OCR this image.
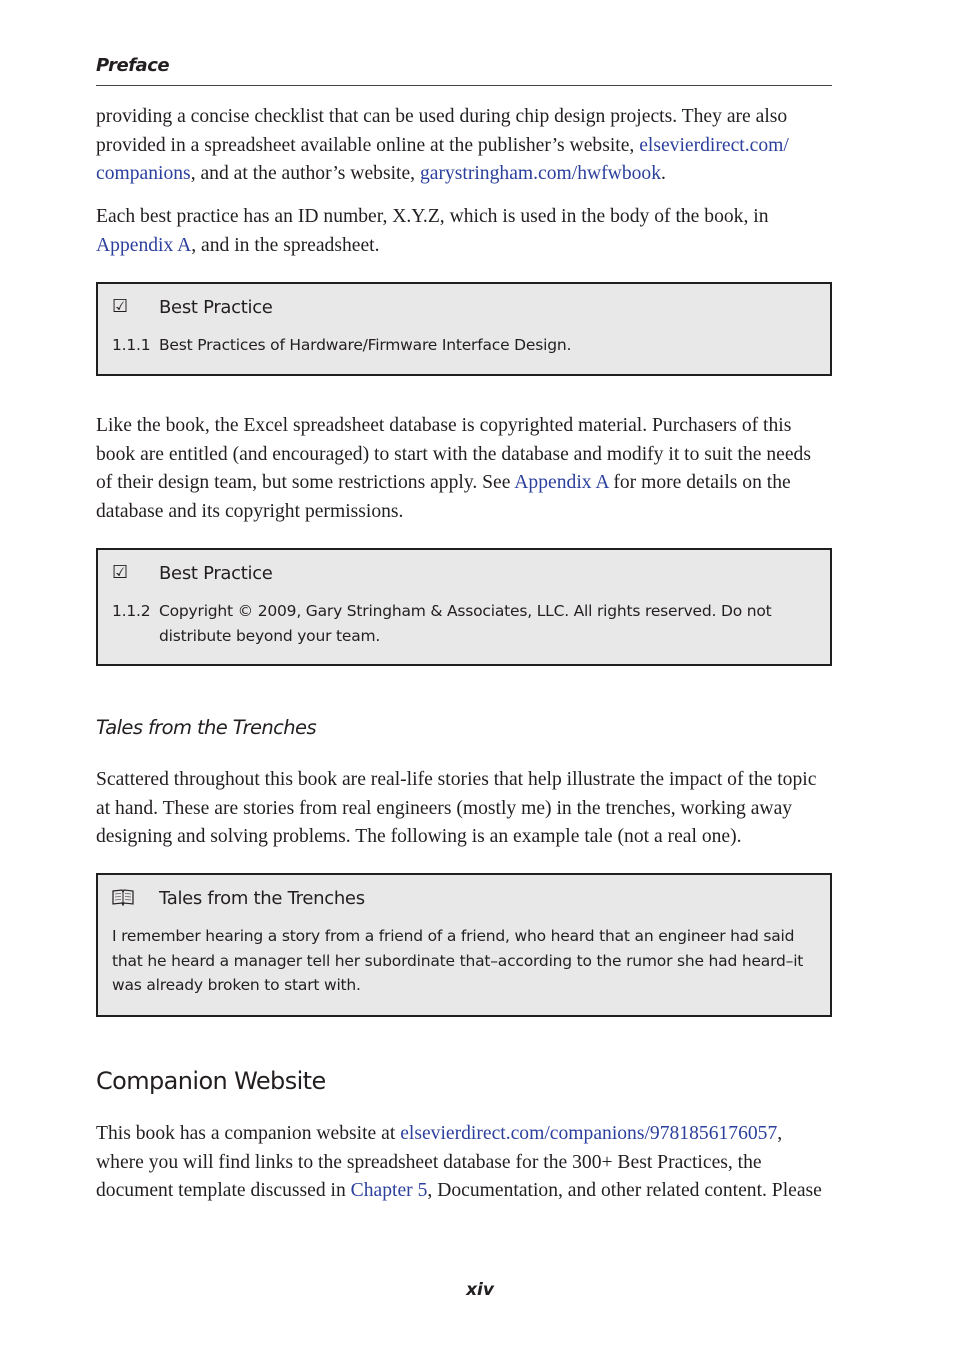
Preface

providing a concise checklist that can be used during chip design projects. They are also provided in a spreadsheet available online at the publisher’s website, elsevierdirect.com/ companions, and at the author’s website, garystringham.com/hwfwbook.

Each best practice has an ID number, X.Y.Z, which is used in the body of the book, in Appendix A, and in the spreadsheet.

☑ Best Practice
1.1.1 Best Practices of Hardware/Firmware Interface Design.

Like the book, the Excel spreadsheet database is copyrighted material. Purchasers of this book are entitled (and encouraged) to start with the database and modify it to suit the needs of their design team, but some restrictions apply. See Appendix A for more details on the database and its copyright permissions.

☑ Best Practice
1.1.2 Copyright © 2009, Gary Stringham & Associates, LLC. All rights reserved. Do not distribute beyond your team.
Tales from the Trenches

Scattered throughout this book are real-life stories that help illustrate the impact of the topic at hand. These are stories from real engineers (mostly me) in the trenches, working away designing and solving problems. The following is an example tale (not a real one).

Tales from the Trenches
I remember hearing a story from a friend of a friend, who heard that an engineer had said that he heard a manager tell her subordinate that–according to the rumor she had heard–it was already broken to start with.
Companion Website

This book has a companion website at elsevierdirect.com/companions/9781856176057, where you will find links to the spreadsheet database for the 300+ Best Practices, the document template discussed in Chapter 5, Documentation, and other related content. Please

xiv
